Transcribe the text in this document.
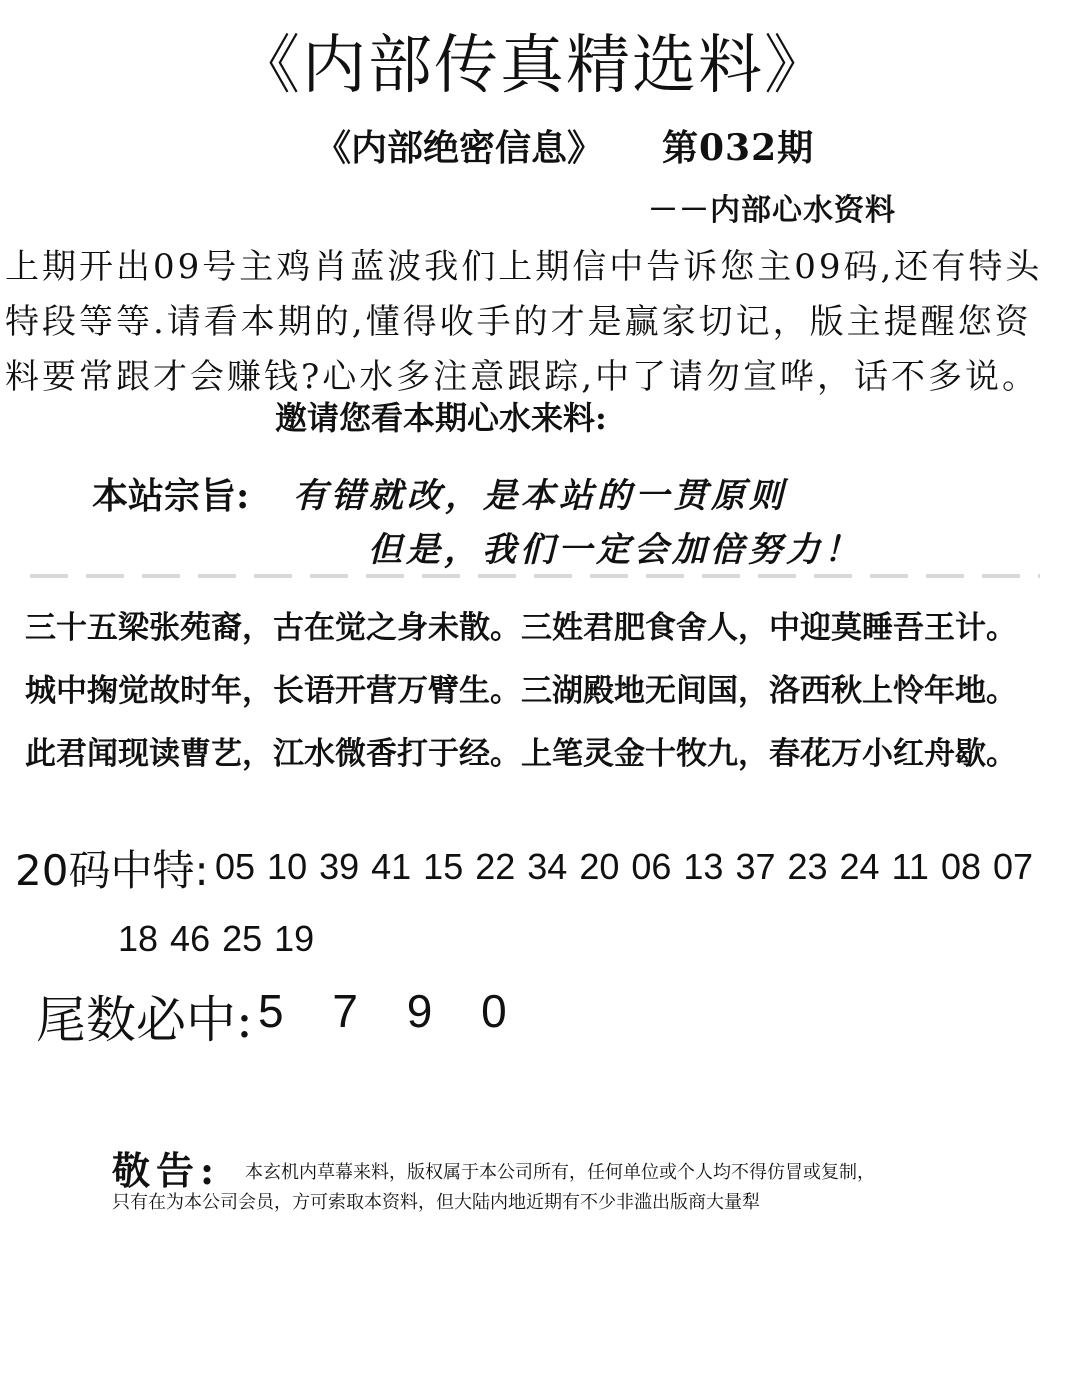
《内部传真精选料》
《内部绝密信息》 第032期
－－内部心水资料
上期开出09号主鸡肖蓝波我们上期信中告诉您主09码,还有特头特段等等.请看本期的,懂得收手的才是赢家切记，版主提醒您资料要常跟才会赚钱?心水多注意跟踪,中了请勿宣哗，话不多说。
邀请您看本期心水来料:
本站宗旨: 有错就改，是本站的一贯原则
但是，我们一定会加倍努力！
三十五梁张苑裔，古在觉之身未散。三姓君肥食舍人，中迎莫睡吾王计。
城中掬觉故时年，长语开营万臂生。三湖殿地无间国，洛西秋上怜年地。
此君闻现读曹艺，江水微香打于经。上笔灵金十牧九，春花万小红舟歇。
20码中特: 05 10 39 41 15 22 34 20 06 13 37 23 24 11 08 07
18 46 25 19
尾数必中: 5 7 9 0
敬告: 本玄机内草幕来料，版权属于本公司所有，任何单位或个人均不得仿冒或复制，
只有在为本公司会员，方可索取本资料，但大陆内地近期有不少非滥出版商大量犁
